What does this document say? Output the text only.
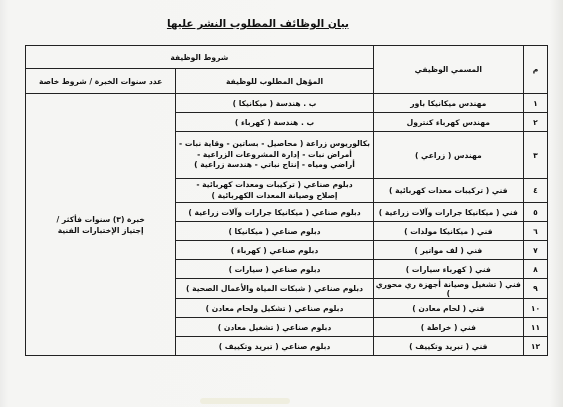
بيان الوظائف المطلوب النشر عليها
م	المسمي الوظيفي	شروط الوظيفة	
		المؤهل المطلوب للوظيفة	عدد سنوات الخبرة / شروط خاصة
١	مهندس ميكانيكا باور	ب . هندسة ( ميكانيكا )	خبرة (٣) سنوات فأكثر /
إجتياز الإختبارات الفنية

٢	مهندس كهرباء كنترول	ب . هندسة ( كهرباء )	
٣	مهندس ( زراعي )	بكالوريوس زراعة ( محاصيل - بساتين - وقاية نبات -
أمراض نبات - إدارة المشروعات الزراعية -
أراضي ومياه - إنتاج نباتي - هندسة زراعية )	

٤	فني ( تركيبات معدات كهربائية )	دبلوم صناعي ( تركيبات ومعدات كهربائية -
إصلاح وصيانة المعدات الكهربائية )	

٥	فني ( ميكانيكا جرارات وآلات زراعية )	دبلوم صناعي ( ميكانيكا جرارات وآلات زراعية )	
٦	فني ( ميكانيكا مولدات )	دبلوم صناعي ( ميكانيكا )	
٧	فني ( لف مواتير )	دبلوم صناعي ( كهرباء )	
٨	فني ( كهرباء سيارات )	دبلوم صناعي ( سيارات )	
٩	فني ( تشغيل وصيانة أجهزة ري محوري )	دبلوم صناعي ( شبكات المياة والأعمال الصحية )	
١٠	فني ( لحام معادن )	دبلوم صناعي ( تشكيل ولحام معادن )	
١١	فني ( خراطة )	دبلوم صناعي ( تشغيل معادن )	
١٢	فني ( تبريد وتكييف )	دبلوم صناعي ( تبريد وتكييف )	
